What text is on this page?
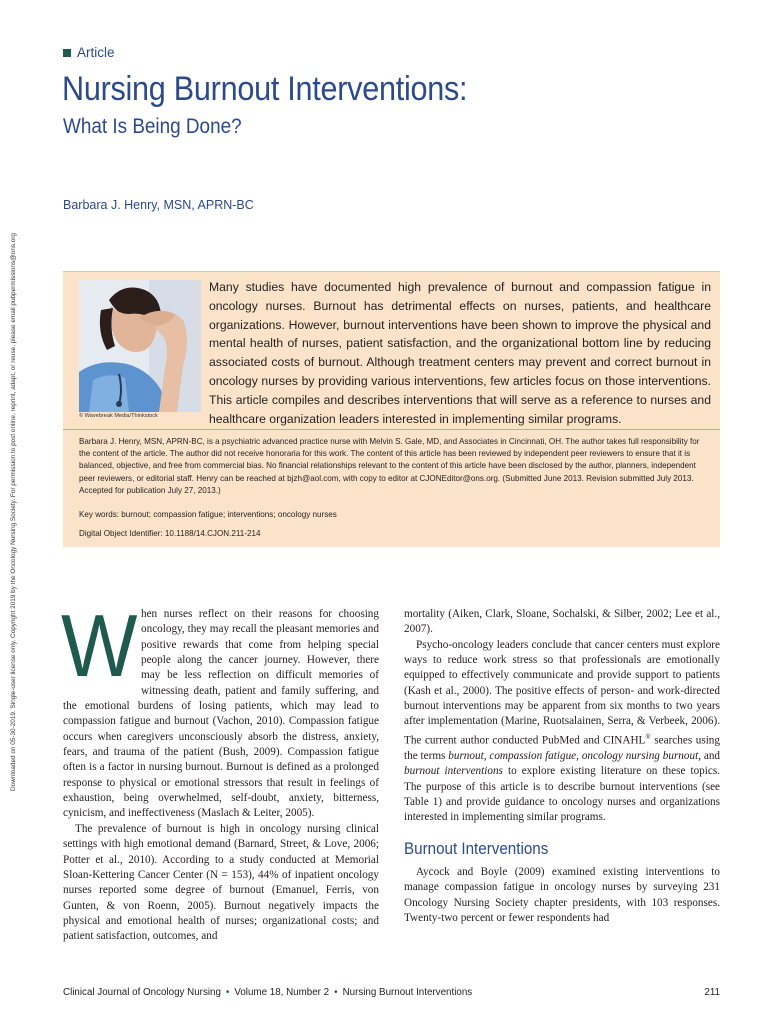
Downloaded on 05-30-2019. Single-user license only. Copyright 2019 by the Oncology Nursing Society. For permission to post online, reprint, adapt, or reuse, please email pubpermissions@ons.org
Article
Nursing Burnout Interventions:
What Is Being Done?
Barbara J. Henry, MSN, APRN-BC
© Wavebreak Media/Thinkstock

Many studies have documented high prevalence of burnout and compassion fatigue in oncology nurses. Burnout has detrimental effects on nurses, patients, and healthcare organizations. However, burnout interventions have been shown to improve the physical and mental health of nurses, patient satisfaction, and the organizational bottom line by reducing associated costs of burnout. Although treatment centers may prevent and correct burnout in oncology nurses by providing various interventions, few articles focus on those interventions. This article compiles and describes interventions that will serve as a reference to nurses and healthcare organization leaders interested in implementing similar programs.

Barbara J. Henry, MSN, APRN-BC, is a psychiatric advanced practice nurse with Melvin S. Gale, MD, and Associates in Cincinnati, OH. The author takes full responsibility for the content of the article. The author did not receive honoraria for this work. The content of this article has been reviewed by independent peer reviewers to ensure that it is balanced, objective, and free from commercial bias. No financial relationships relevant to the content of this article have been disclosed by the author, planners, independent peer reviewers, or editorial staff. Henry can be reached at bjzh@aol.com, with copy to editor at CJONEditor@ons.org. (Submitted June 2013. Revision submitted July 2013. Accepted for publication July 27, 2013.)

Key words: burnout; compassion fatigue; interventions; oncology nurses
Digital Object Identifier: 10.1188/14.CJON.211-214

When nurses reflect on their reasons for choosing oncology, they may recall the pleasant memories and positive rewards that come from helping special people along the cancer journey. However, there may be less reflection on difficult memories of witnessing death, patient and family suffering, and the emotional burdens of losing patients, which may lead to compassion fatigue and burnout (Vachon, 2010). Compassion fatigue occurs when caregivers unconsciously absorb the distress, anxiety, fears, and trauma of the patient (Bush, 2009). Compassion fatigue often is a factor in nursing burnout. Burnout is defined as a prolonged response to physical or emotional stressors that result in feelings of exhaustion, being overwhelmed, self-doubt, anxiety, bitterness, cynicism, and ineffectiveness (Maslach & Leiter, 2005).

The prevalence of burnout is high in oncology nursing clinical settings with high emotional demand (Barnard, Street, & Love, 2006; Potter et al., 2010). According to a study conducted at Memorial Sloan-Kettering Cancer Center (N = 153), 44% of inpatient oncology nurses reported some degree of burnout (Emanuel, Ferris, von Gunten, & von Roenn, 2005). Burnout negatively impacts the physical and emotional health of nurses; organizational costs; and patient satisfaction, outcomes, and

mortality (Aiken, Clark, Sloane, Sochalski, & Silber, 2002; Lee et al., 2007).

Psycho-oncology leaders conclude that cancer centers must explore ways to reduce work stress so that professionals are emotionally equipped to effectively communicate and provide support to patients (Kash et al., 2000). The positive effects of person- and work-directed burnout interventions may be apparent from six months to two years after implementation (Marine, Ruotsalainen, Serra, & Verbeek, 2006). The current author conducted PubMed and CINAHL® searches using the terms burnout, compassion fatigue, oncology nursing burnout, and burnout interventions to explore existing literature on these topics. The purpose of this article is to describe burnout interventions (see Table 1) and provide guidance to oncology nurses and organizations interested in implementing similar programs.

Burnout Interventions

Aycock and Boyle (2009) examined existing interventions to manage compassion fatigue in oncology nurses by surveying 231 Oncology Nursing Society chapter presidents, with 103 responses. Twenty-two percent or fewer respondents had

Clinical Journal of Oncology Nursing • Volume 18, Number 2 • Nursing Burnout Interventions	211
